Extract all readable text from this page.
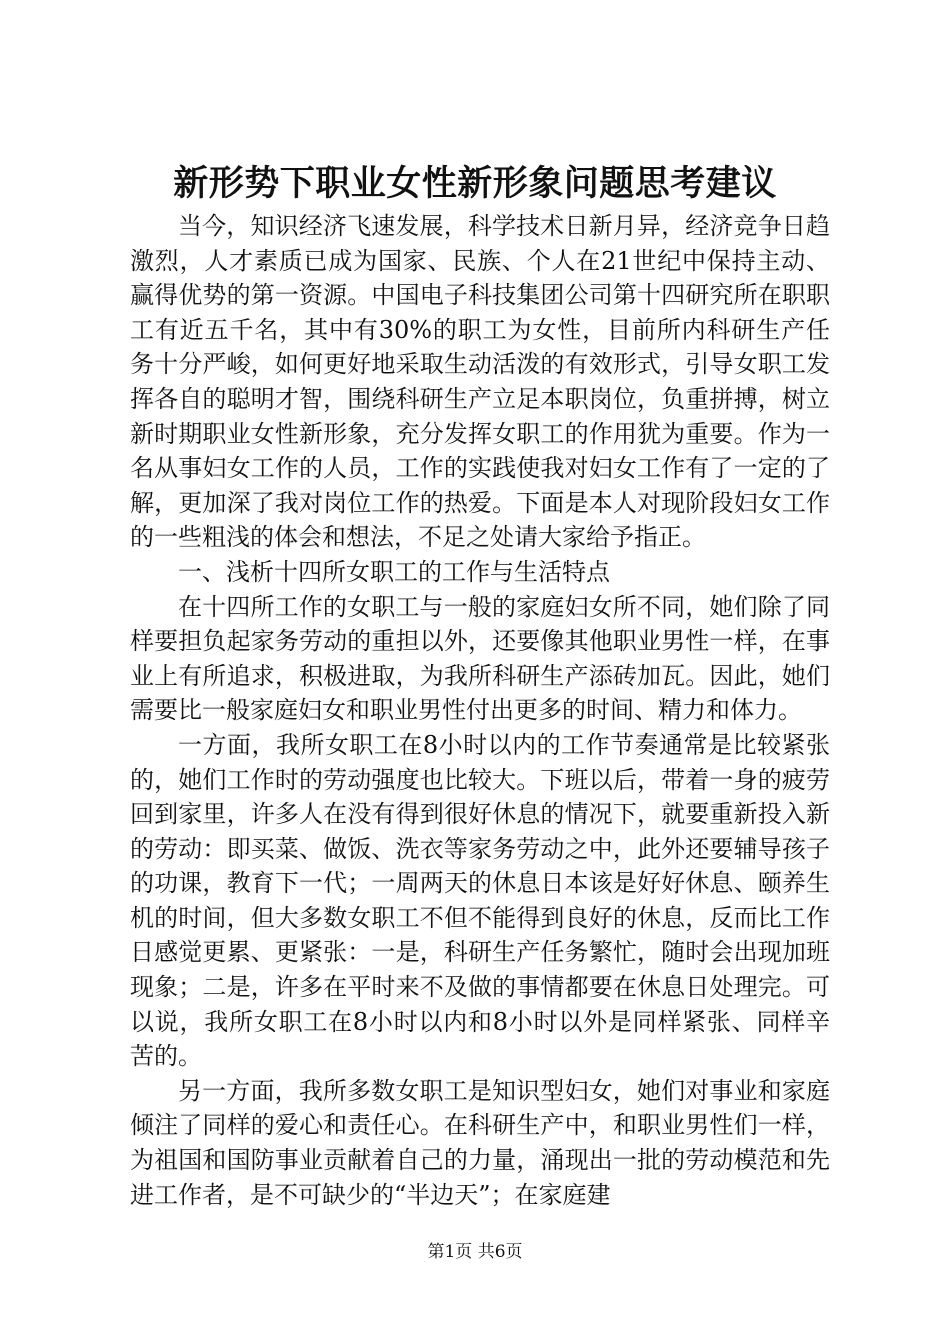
新形势下职业女性新形象问题思考建议

当今，知识经济飞速发展，科学技术日新月异，经济竞争日趋激烈，人才素质已成为国家、民族、个人在21世纪中保持主动、赢得优势的第一资源。中国电子科技集团公司第十四研究所在职职工有近五千名，其中有30%的职工为女性，目前所内科研生产任务十分严峻，如何更好地采取生动活泼的有效形式，引导女职工发挥各自的聪明才智，围绕科研生产立足本职岗位，负重拼搏，树立新时期职业女性新形象，充分发挥女职工的作用犹为重要。作为一名从事妇女工作的人员，工作的实践使我对妇女工作有了一定的了解，更加深了我对岗位工作的热爱。下面是本人对现阶段妇女工作的一些粗浅的体会和想法，不足之处请大家给予指正。

一、浅析十四所女职工的工作与生活特点

在十四所工作的女职工与一般的家庭妇女所不同，她们除了同样要担负起家务劳动的重担以外，还要像其他职业男性一样，在事业上有所追求，积极进取，为我所科研生产添砖加瓦。因此，她们需要比一般家庭妇女和职业男性付出更多的时间、精力和体力。

一方面，我所女职工在8小时以内的工作节奏通常是比较紧张的，她们工作时的劳动强度也比较大。下班以后，带着一身的疲劳回到家里，许多人在没有得到很好休息的情况下，就要重新投入新的劳动：即买菜、做饭、洗衣等家务劳动之中，此外还要辅导孩子的功课，教育下一代；一周两天的休息日本该是好好休息、颐养生机的时间，但大多数女职工不但不能得到良好的休息，反而比工作日感觉更累、更紧张：一是，科研生产任务繁忙，随时会出现加班现象；二是，许多在平时来不及做的事情都要在休息日处理完。可以说，我所女职工在8小时以内和8小时以外是同样紧张、同样辛苦的。

另一方面，我所多数女职工是知识型妇女，她们对事业和家庭倾注了同样的爱心和责任心。在科研生产中，和职业男性们一样，为祖国和国防事业贡献着自己的力量，涌现出一批的劳动模范和先进工作者，是不可缺少的“半边天”；在家庭建

第1页 共6页
